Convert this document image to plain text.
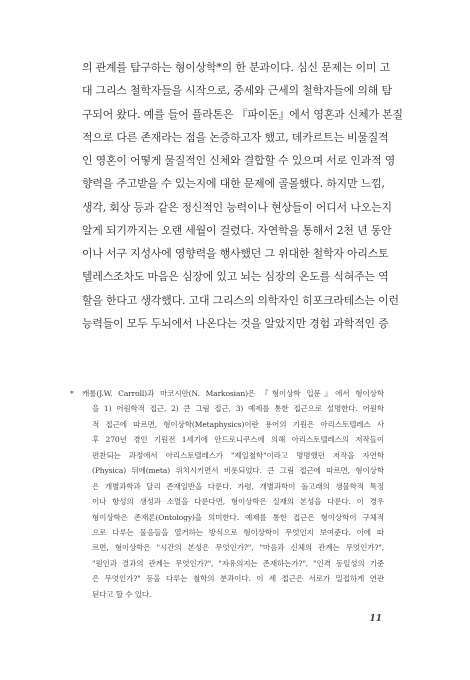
의 관계를 탐구하는 형이상학*의 한 분과이다. 심신 문제는 이미 고
대 그리스 철학자들을 시작으로, 중세와 근세의 철학자들에 의해 탐
구되어 왔다. 예를 들어 플라톤은 『파이돈』에서 영혼과 신체가 본질
적으로 다른 존재라는 점을 논증하고자 했고, 데카르트는 비물질적
인 영혼이 어떻게 물질적인 신체와 결합할 수 있으며 서로 인과적 영
향력을 주고받을 수 있는지에 대한 문제에 골몰했다. 하지만 느낌,
생각, 회상 등과 같은 정신적인 능력이나 현상들이 어디서 나오는지
알게 되기까지는 오랜 세월이 걸렸다. 자연학을 통해서 2천 년 동안
이나 서구 지성사에 영향력을 행사했던 그 위대한 철학자 아리스토
텔레스조차도 마음은 심장에 있고 뇌는 심장의 온도를 식혀주는 역
할을 한다고 생각했다. 고대 그리스의 의학자인 히포크라테스는 이런
능력들이 모두 두뇌에서 나온다는 것을 알았지만 경험 과학적인 증
* 캐롤(J.W. Carroll)과 마코시안(N. Markosian)은 『형이상학 입문』에서 형이상학
을 1) 어원학적 접근, 2) 큰 그림 접근, 3) 예제를 통한 접근으로 설명한다. 어원학
적 접근에 따르면, 형이상학(Metaphysics)이란 용어의 기원은 아리스토텔레스 사
후 270년 경인 기원전 1세기에 안드로니쿠스에 의해 아리스토텔레스의 저작들이
편찬되는 과정에서 아리스토텔레스가 "제일철학"이라고 명명했던 저작을 자연학
(Physica) 뒤에(meta) 위치시키면서 비롯되었다. 큰 그림 접근에 따르면, 형이상학
은 개별과학과 달리 존재일반을 다룬다. 가령, 개별과학이 돌고래의 생물학적 특징
이나 항성의 생성과 소멸을 다룬다면, 형이상학은 실재의 본성을 다룬다. 이 경우
형이상학은 존재론(Ontology)을 의미한다. 예제를 통한 접근은 형이상학이 구체적
으로 다루는 물음들을 열거하는 방식으로 형이상학이 무엇인지 보여준다. 이에 따
르면, 형이상학은 "시간의 본성은 무엇인가?", "마음과 신체의 관계는 무엇인가?",
"원인과 결과의 관계는 무엇인가?", "자유의지는 존재하는가?", "인격 동일성의 기준
은 무엇인가?" 등을 다루는 철학의 분과이다. 이 세 접근은 서로가 밀접하게 연관
된다고 할 수 있다.
11
